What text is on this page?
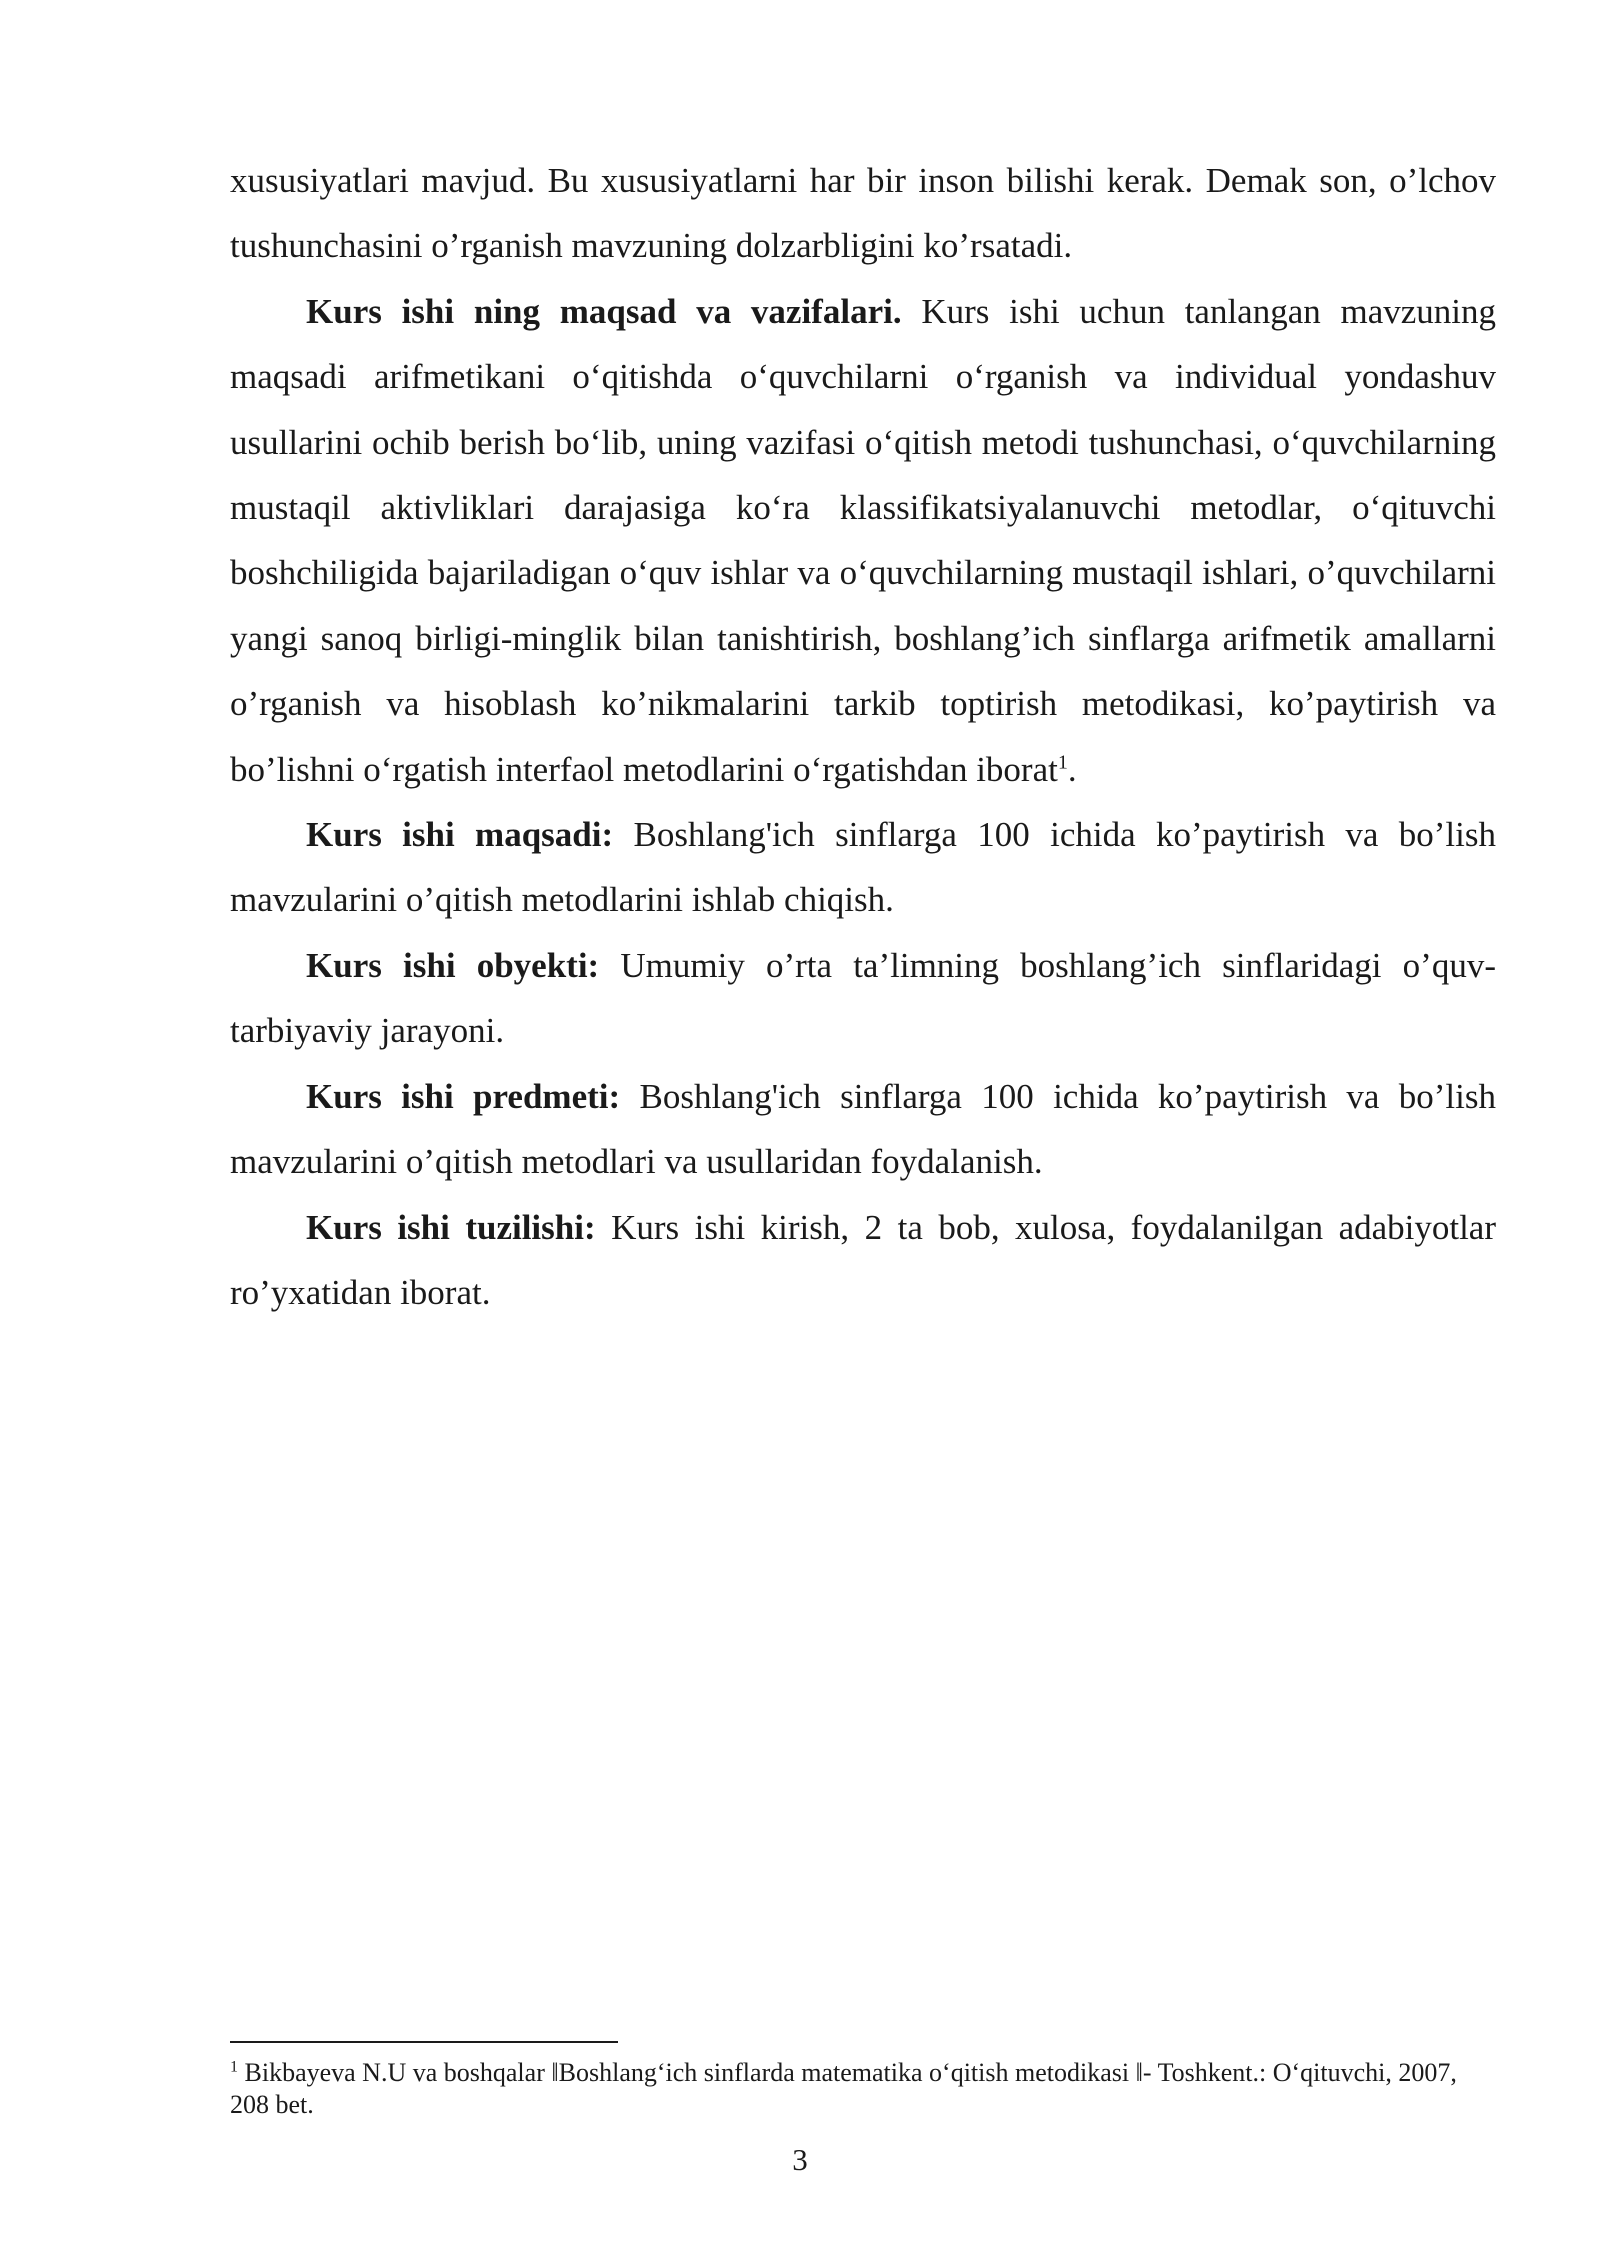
xususiyatlari mavjud. Bu xususiyatlarni har bir inson bilishi kerak. Demak son, o’lchov tushunchasini o’rganish mavzuning dolzarbligini ko’rsatadi.

Kurs ishi ning maqsad va vazifalari. Kurs ishi uchun tanlangan mavzuning maqsadi arifmetikani o‘qitishda o‘quvchilarni o‘rganish va individual yondashuv usullarini ochib berish bo‘lib, uning vazifasi o‘qitish metodi tushunchasi, o‘quvchilarning mustaqil aktivliklari darajasiga ko‘ra klassifikatsiyalanuvchi metodlar, o‘qituvchi boshchiligida bajariladigan o‘quv ishlar va o‘quvchilarning mustaqil ishlari, o’quvchilarni yangi sanoq birligi-minglik bilan tanishtirish, boshlang’ich sinflarga arifmetik amallarni o’rganish va hisoblash ko’nikmalarini tarkib toptirish metodikasi, ko’paytirish va bo’lishni o‘rgatish interfaol metodlarini o‘rgatishdan iborat$^1$.

Kurs ishi maqsadi: Boshlang'ich sinflarga 100 ichida ko’paytirish va bo’lish mavzularini o’qitish metodlarini ishlab chiqish.

Kurs ishi obyekti: Umumiy o’rta ta’limning boshlang’ich sinflaridagi o’quv-tarbiyaviy jarayoni.

Kurs ishi predmeti: Boshlang'ich sinflarga 100 ichida ko’paytirish va bo’lish mavzularini o’qitish metodlari va usullaridan foydalanish.

Kurs ishi tuzilishi: Kurs ishi kirish, 2 ta bob, xulosa, foydalanilgan adabiyotlar ro’yxatidan iborat.

$^1$ Bikbayeva N.U va boshqalar ‖Boshlang‘ich sinflarda matematika o‘qitish metodikasi ‖- Toshkent.: O‘qituvchi, 2007, 208 bet.
3
